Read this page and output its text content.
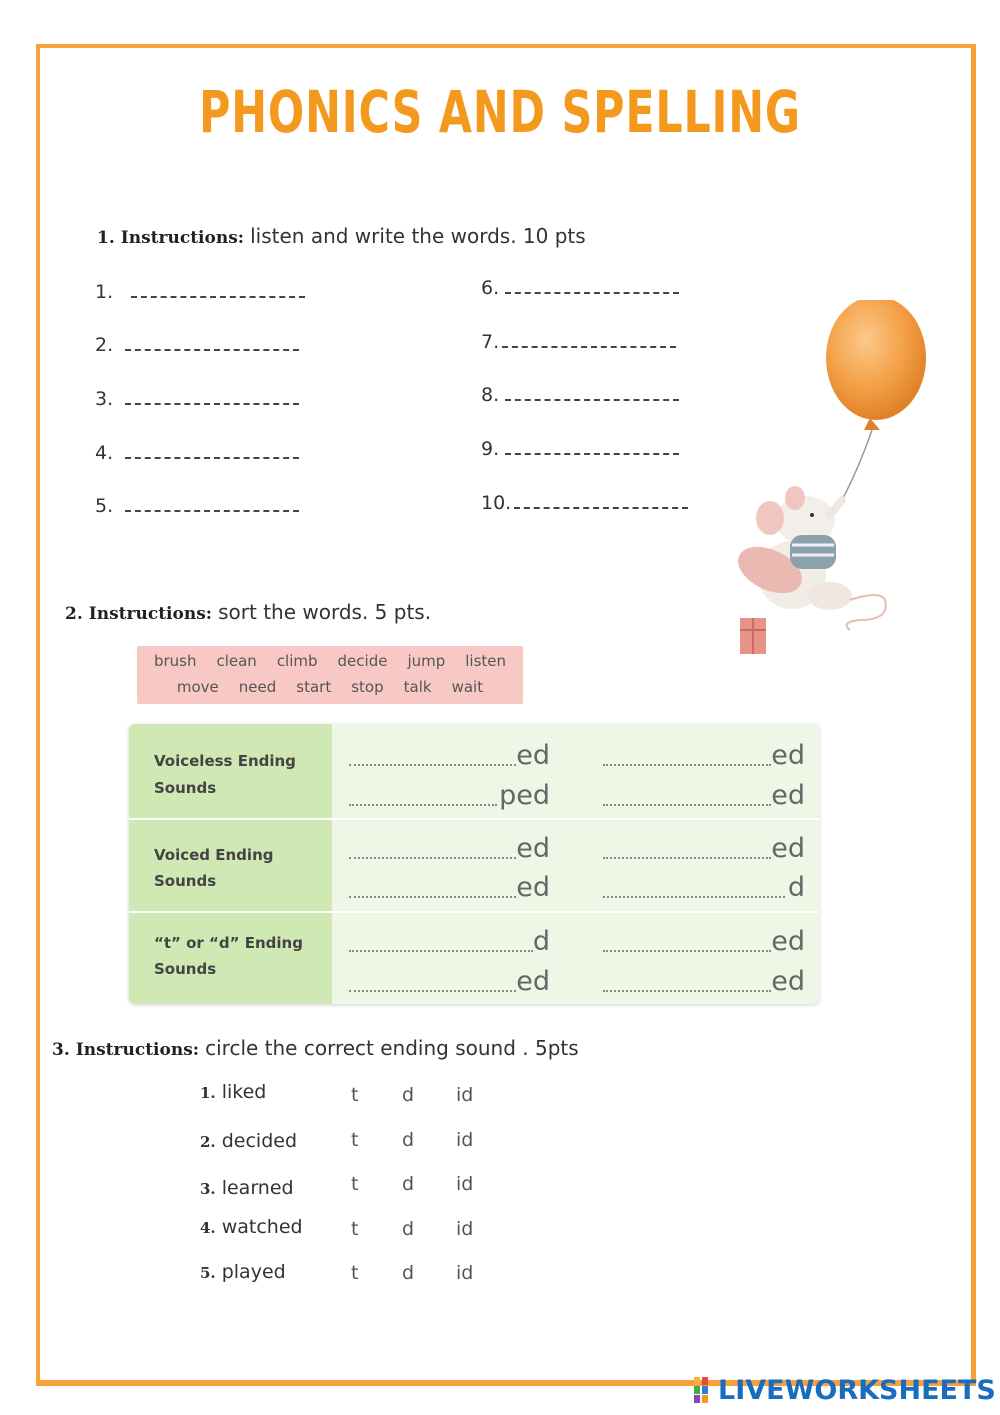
PHONICS AND SPELLING
1. Instructions: listen and write the words. 10 pts
1.
2.
3.
4.
5.
6.
7.
8.
9.
10.
2. Instructions: sort the words. 5 pts.
brush clean climb decide jump listen
move need start stop talk wait
Voiceless Ending
Sounds
ed	ed
ped	ed
Voiced Ending
Sounds
ed	ed
ed	d
“t” or “d” Ending
Sounds
d	ed
ed	ed
3. Instructions: circle the correct ending sound . 5pts
1. liked
2. decided
3. learned
4. watched
5. played
t d id
t d id
t d id
t d id
t d id
LIVEWORKSHEETS
